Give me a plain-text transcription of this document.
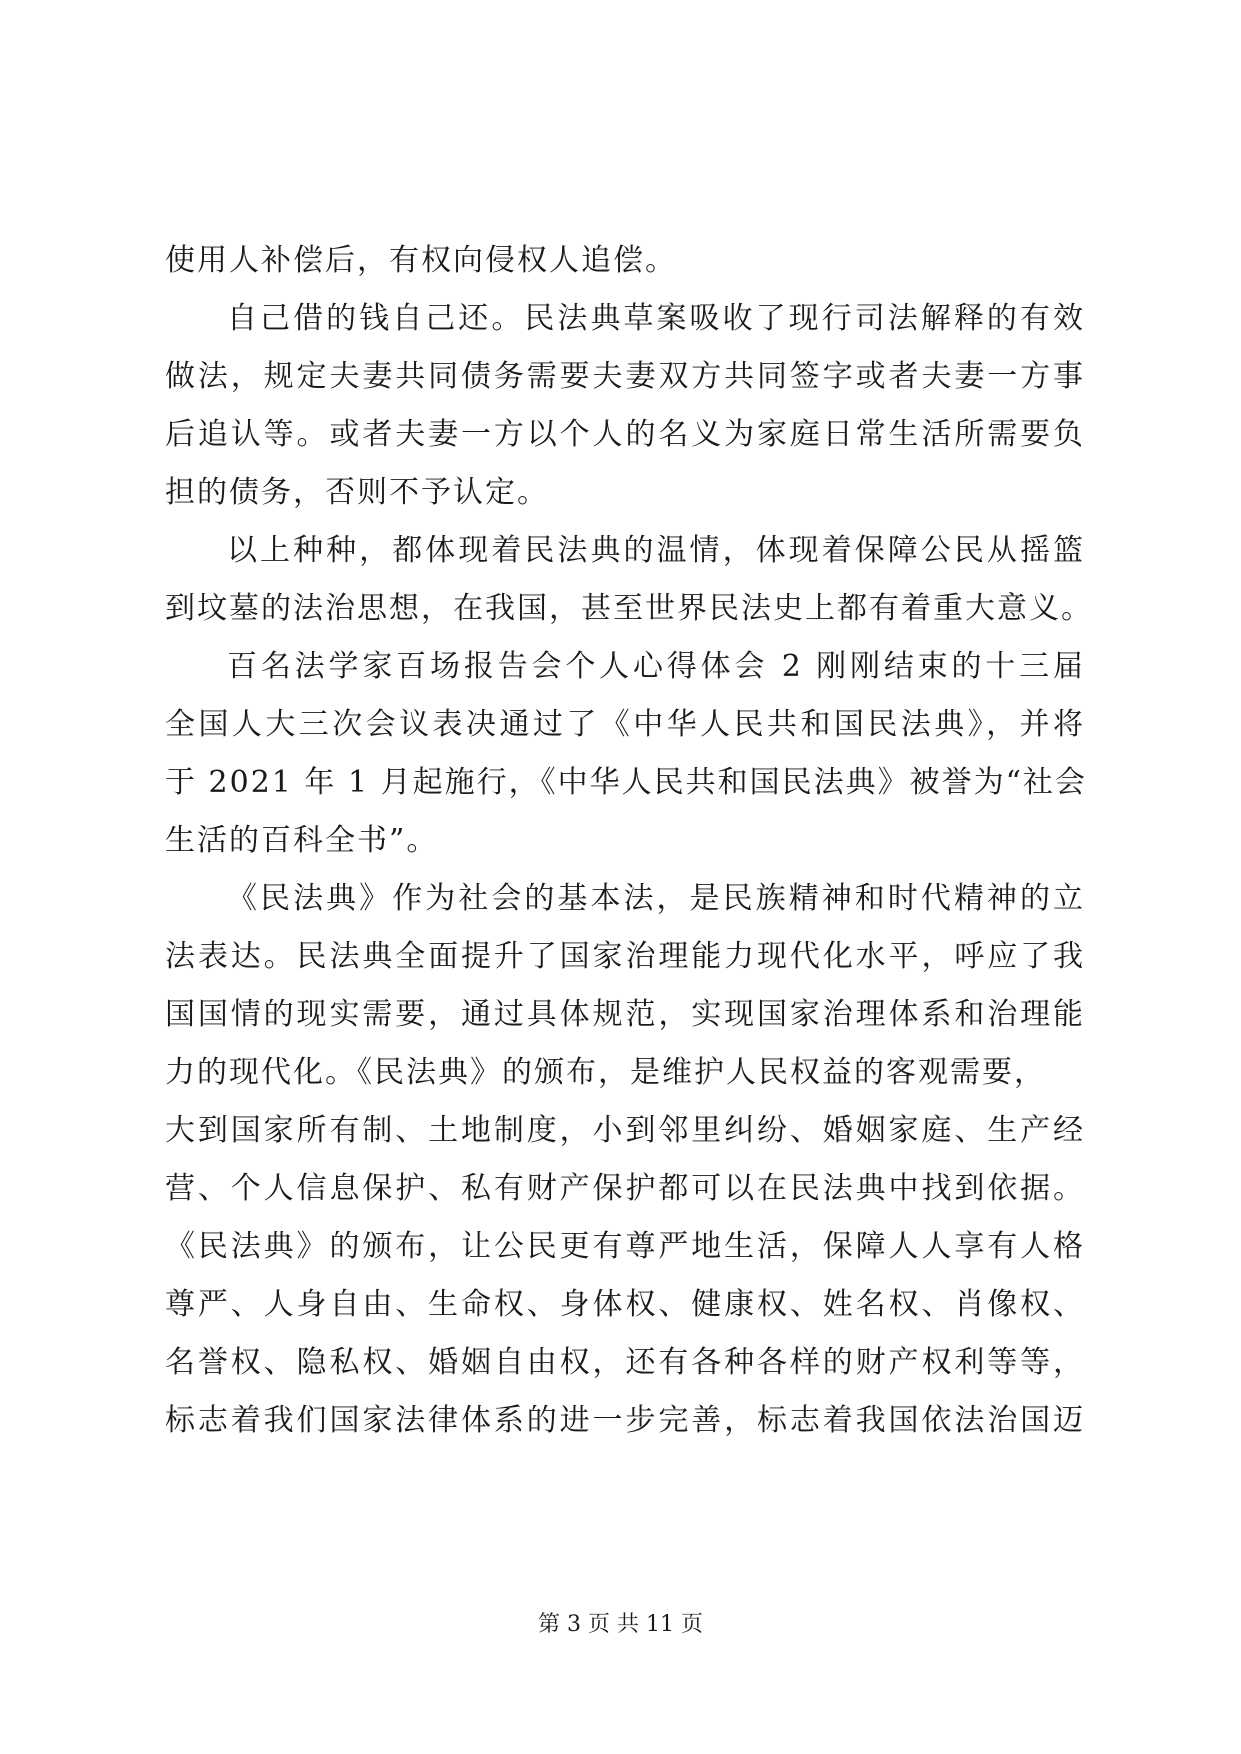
使用人补偿后，有权向侵权人追偿。
自己借的钱自己还。民法典草案吸收了现行司法解释的有效
做法，规定夫妻共同债务需要夫妻双方共同签字或者夫妻一方事
后追认等。或者夫妻一方以个人的名义为家庭日常生活所需要负
担的债务，否则不予认定。
以上种种，都体现着民法典的温情，体现着保障公民从摇篮
到坟墓的法治思想，在我国，甚至世界民法史上都有着重大意义。
百名法学家百场报告会个人心得体会 2 刚刚结束的十三届
全国人大三次会议表决通过了《中华人民共和国民法典》，并将
于 2021 年 1 月起施行，《中华人民共和国民法典》被誉为“社会
生活的百科全书”。
《民法典》作为社会的基本法，是民族精神和时代精神的立
法表达。民法典全面提升了国家治理能力现代化水平，呼应了我
国国情的现实需要，通过具体规范，实现国家治理体系和治理能
力的现代化。《民法典》的颁布，是维护人民权益的客观需要，
大到国家所有制、土地制度，小到邻里纠纷、婚姻家庭、生产经
营、个人信息保护、私有财产保护都可以在民法典中找到依据。
《民法典》的颁布，让公民更有尊严地生活，保障人人享有人格
尊严、人身自由、生命权、身体权、健康权、姓名权、肖像权、
名誉权、隐私权、婚姻自由权，还有各种各样的财产权利等等，
标志着我们国家法律体系的进一步完善，标志着我国依法治国迈
第 3 页 共 11 页
